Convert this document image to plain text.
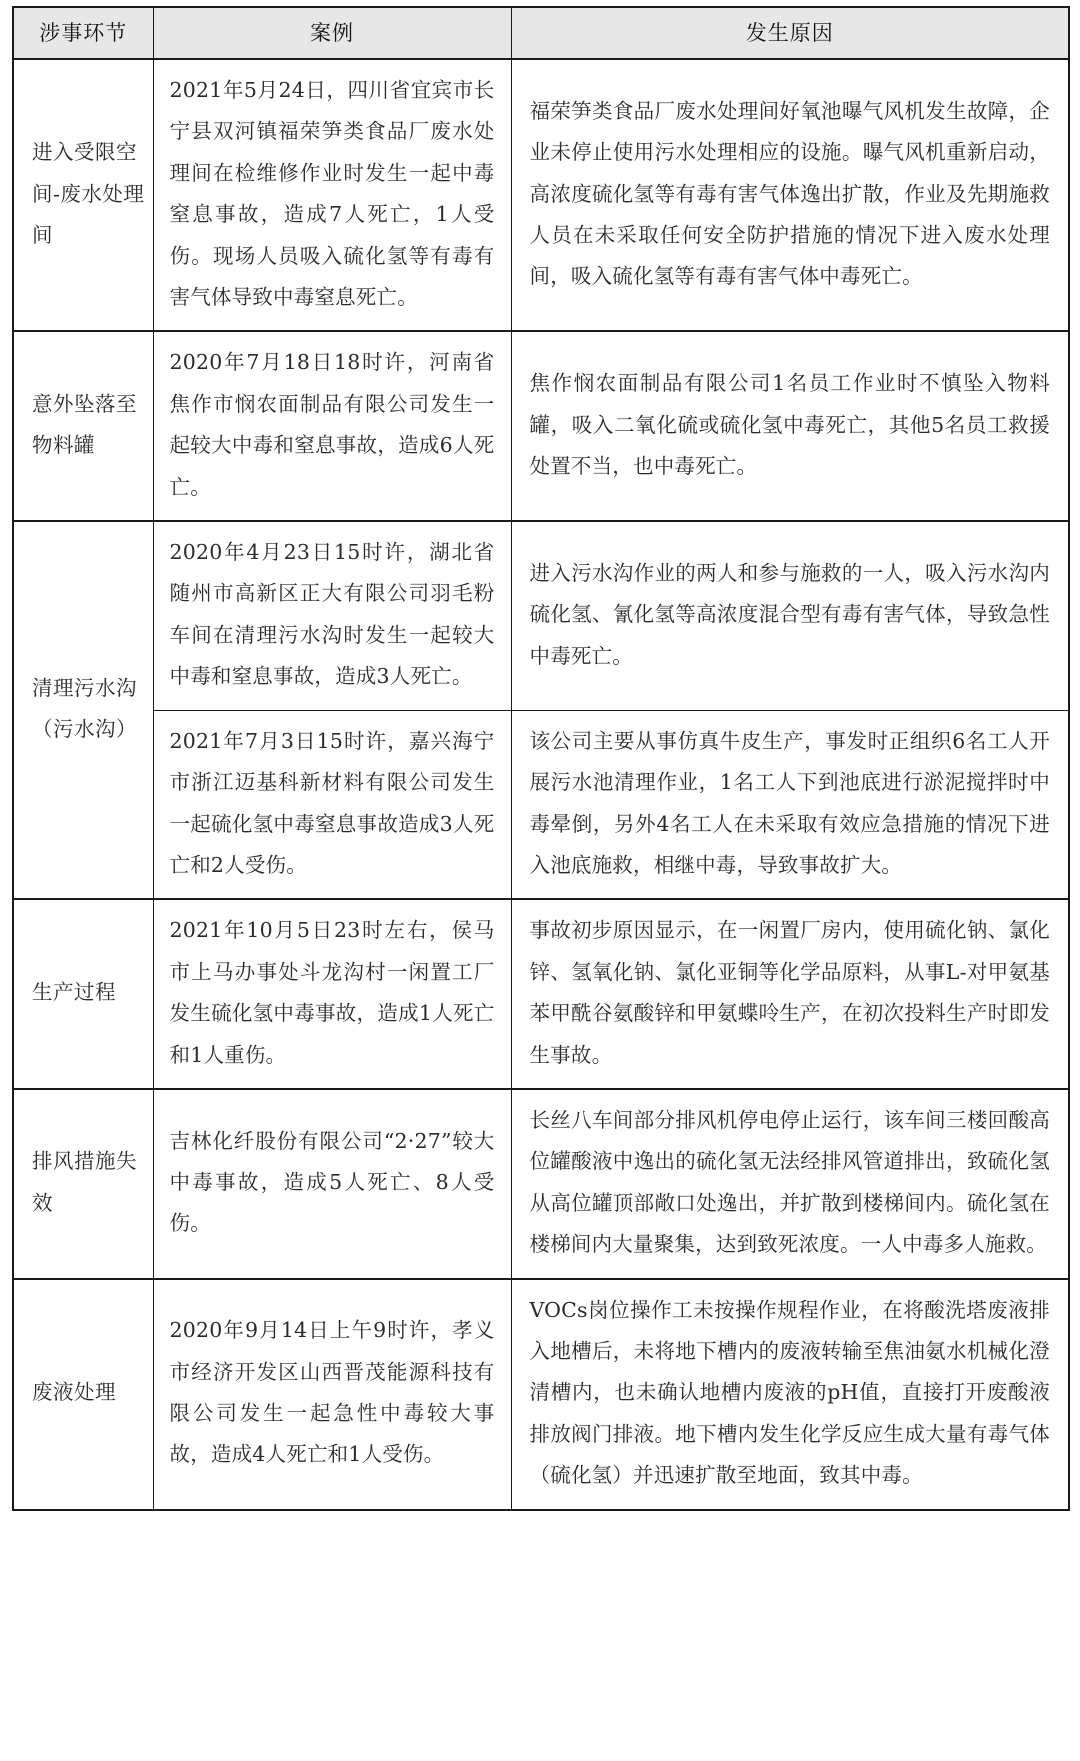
涉事环节	案例	发生原因
进入受限空间-废水处理间	2021年5月24日，四川省宜宾市长宁县双河镇福荣笋类食品厂废水处理间在检维修作业时发生一起中毒窒息事故，造成7人死亡，1人受伤。现场人员吸入硫化氢等有毒有害气体导致中毒窒息死亡。	福荣笋类食品厂废水处理间好氧池曝气风机发生故障，企业未停止使用污水处理相应的设施。曝气风机重新启动，高浓度硫化氢等有毒有害气体逸出扩散，作业及先期施救人员在未采取任何安全防护措施的情况下进入废水处理间，吸入硫化氢等有毒有害气体中毒死亡。
意外坠落至物料罐	2020年7月18日18时许，河南省焦作市悯农面制品有限公司发生一起较大中毒和窒息事故，造成6人死亡。	焦作悯农面制品有限公司1名员工作业时不慎坠入物料罐，吸入二氧化硫或硫化氢中毒死亡，其他5名员工救援处置不当，也中毒死亡。
清理污水沟（污水沟）	2020年4月23日15时许，湖北省随州市高新区正大有限公司羽毛粉车间在清理污水沟时发生一起较大中毒和窒息事故，造成3人死亡。	进入污水沟作业的两人和参与施救的一人，吸入污水沟内硫化氢、氰化氢等高浓度混合型有毒有害气体，导致急性中毒死亡。
	2021年7月3日15时许，嘉兴海宁市浙江迈基科新材料有限公司发生一起硫化氢中毒窒息事故造成3人死亡和2人受伤。	该公司主要从事仿真牛皮生产，事发时正组织6名工人开展污水池清理作业，1名工人下到池底进行淤泥搅拌时中毒晕倒，另外4名工人在未采取有效应急措施的情况下进入池底施救，相继中毒，导致事故扩大。
生产过程	2021年10月5日23时左右，侯马市上马办事处斗龙沟村一闲置工厂发生硫化氢中毒事故，造成1人死亡和1人重伤。	事故初步原因显示，在一闲置厂房内，使用硫化钠、氯化锌、氢氧化钠、氯化亚铜等化学品原料，从事L-对甲氨基苯甲酰谷氨酸锌和甲氨蝶呤生产，在初次投料生产时即发生事故。
排风措施失效	吉林化纤股份有限公司“2·27”较大中毒事故，造成5人死亡、8人受伤。	长丝八车间部分排风机停电停止运行，该车间三楼回酸高位罐酸液中逸出的硫化氢无法经排风管道排出，致硫化氢从高位罐顶部敞口处逸出，并扩散到楼梯间内。硫化氢在楼梯间内大量聚集，达到致死浓度。一人中毒多人施救。
废液处理	2020年9月14日上午9时许，孝义市经济开发区山西晋茂能源科技有限公司发生一起急性中毒较大事故，造成4人死亡和1人受伤。	VOCs岗位操作工未按操作规程作业，在将酸洗塔废液排入地槽后，未将地下槽内的废液转输至焦油氨水机械化澄清槽内，也未确认地槽内废液的pH值，直接打开废酸液排放阀门排液。地下槽内发生化学反应生成大量有毒气体（硫化氢）并迅速扩散至地面，致其中毒。
